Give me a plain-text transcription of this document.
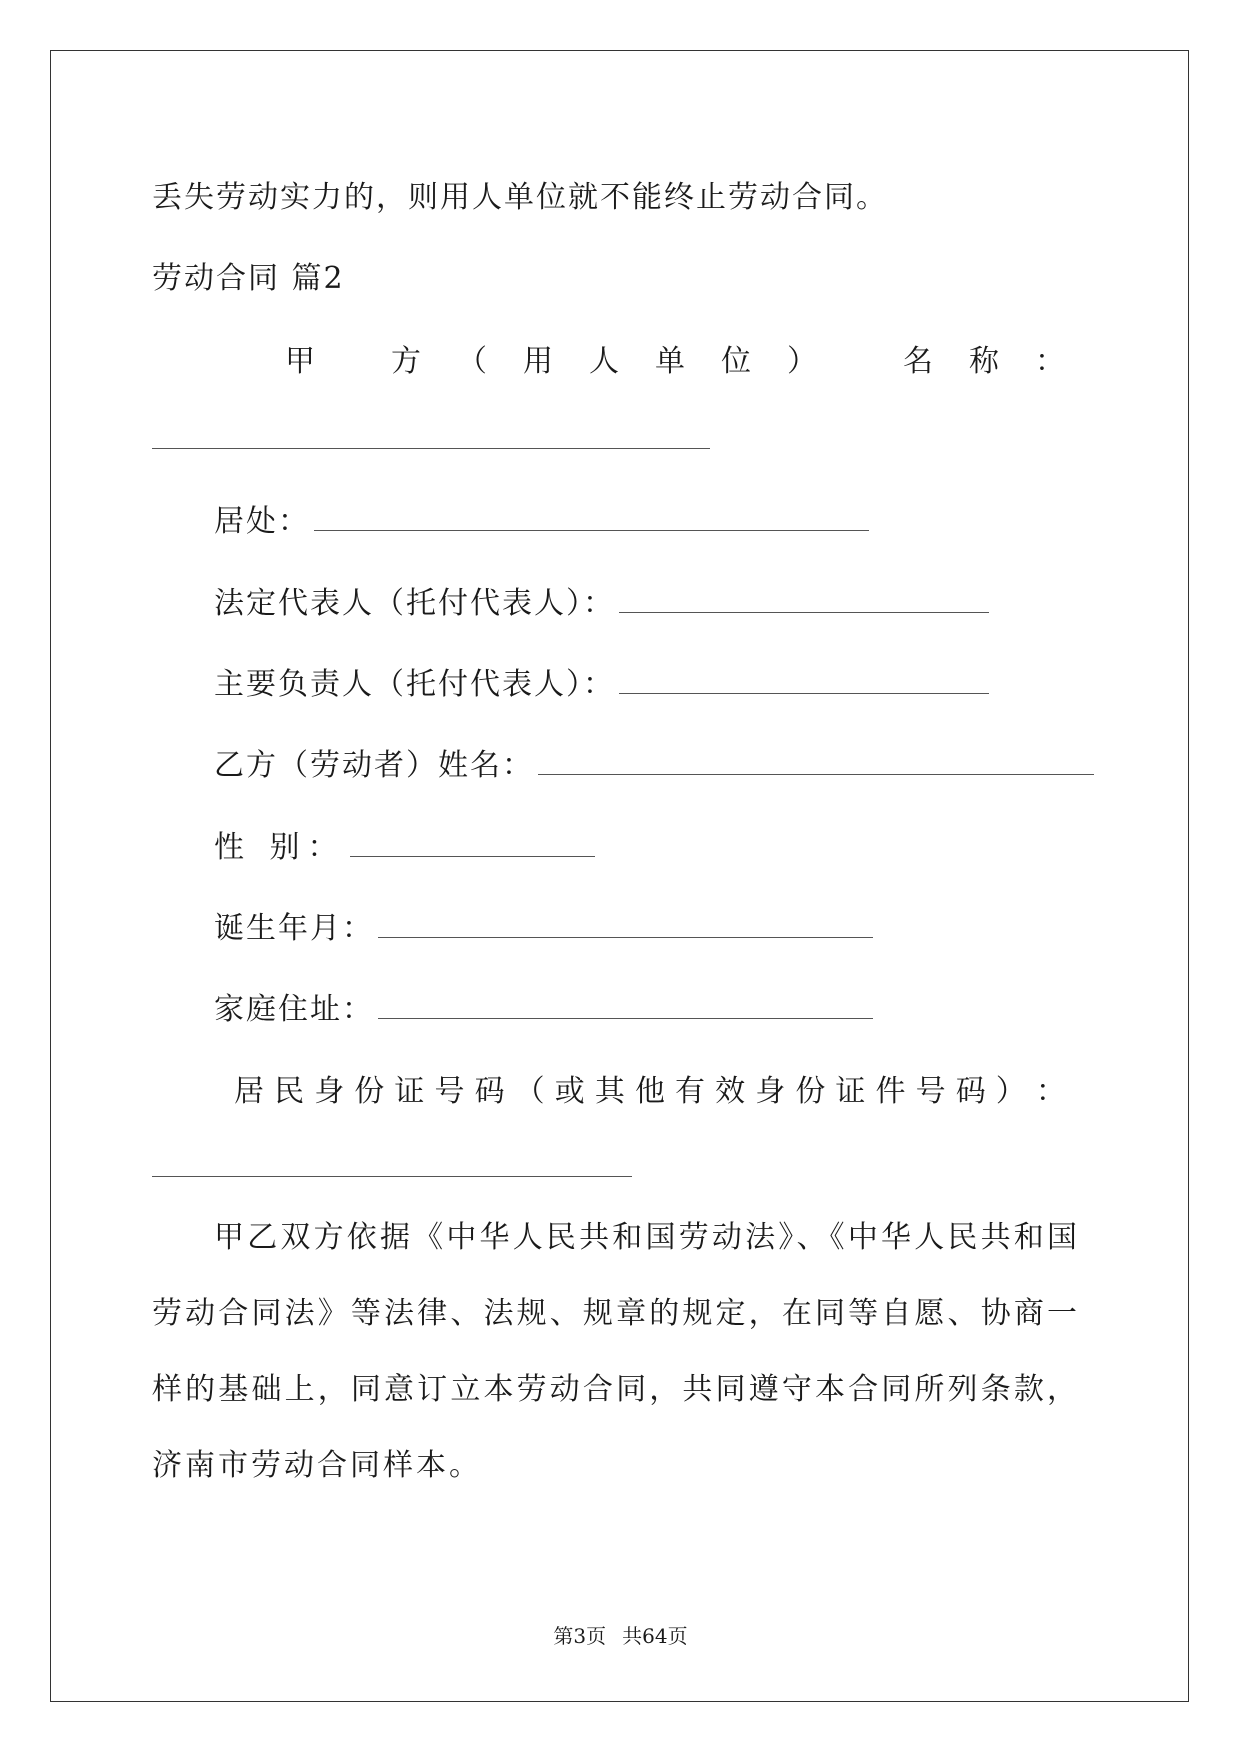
丢失劳动实力的，则用人单位就不能终止劳动合同。
劳动合同 篇2
甲	方 （ 用 人 单 位 ）	名 称 ：
居处：
法定代表人（托付代表人）：
主要负责人（托付代表人）：
乙方（劳动者）姓名：
性 别：
诞生年月：
家庭住址：
居 民 身 份 证 号 码 （ 或 其 他 有 效 身 份 证 件 号 码 ） ：
甲乙双方依据《中华人民共和国劳动法》、《中华人民共和国劳动合同法》等法律、法规、规章的规定，在同等自愿、协商一样的基础上，同意订立本劳动合同，共同遵守本合同所列条款，济南市劳动合同样本。
第3页 共64页
